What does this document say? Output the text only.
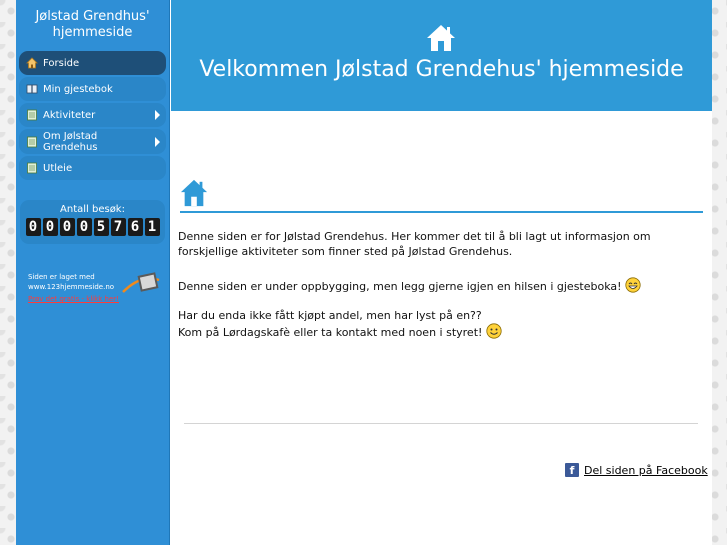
Jølstad Grendhus'
hjemmeside
Forside
Min gjestebok
Aktiviteter
Om Jølstad
Grendehus
Utleie
Antall besøk:
0 0 0 0 5 7 6 1
Siden er laget med
www.123hjemmeside.no
Prøv det gratis - klikk her!
Velkommen Jølstad Grendehus' hjemmeside

Denne siden er for Jølstad Grendehus. Her kommer det til å bli lagt ut informasjon om
forskjellige aktiviteter som finner sted på Jølstad Grendehus.

Denne siden er under oppbygging, men legg gjerne igjen en hilsen i gjesteboka!

Har du enda ikke fått kjøpt andel, men har lyst på en??
Kom på Lørdagskafè eller ta kontakt med noen i styret!

f Del siden på Facebook
